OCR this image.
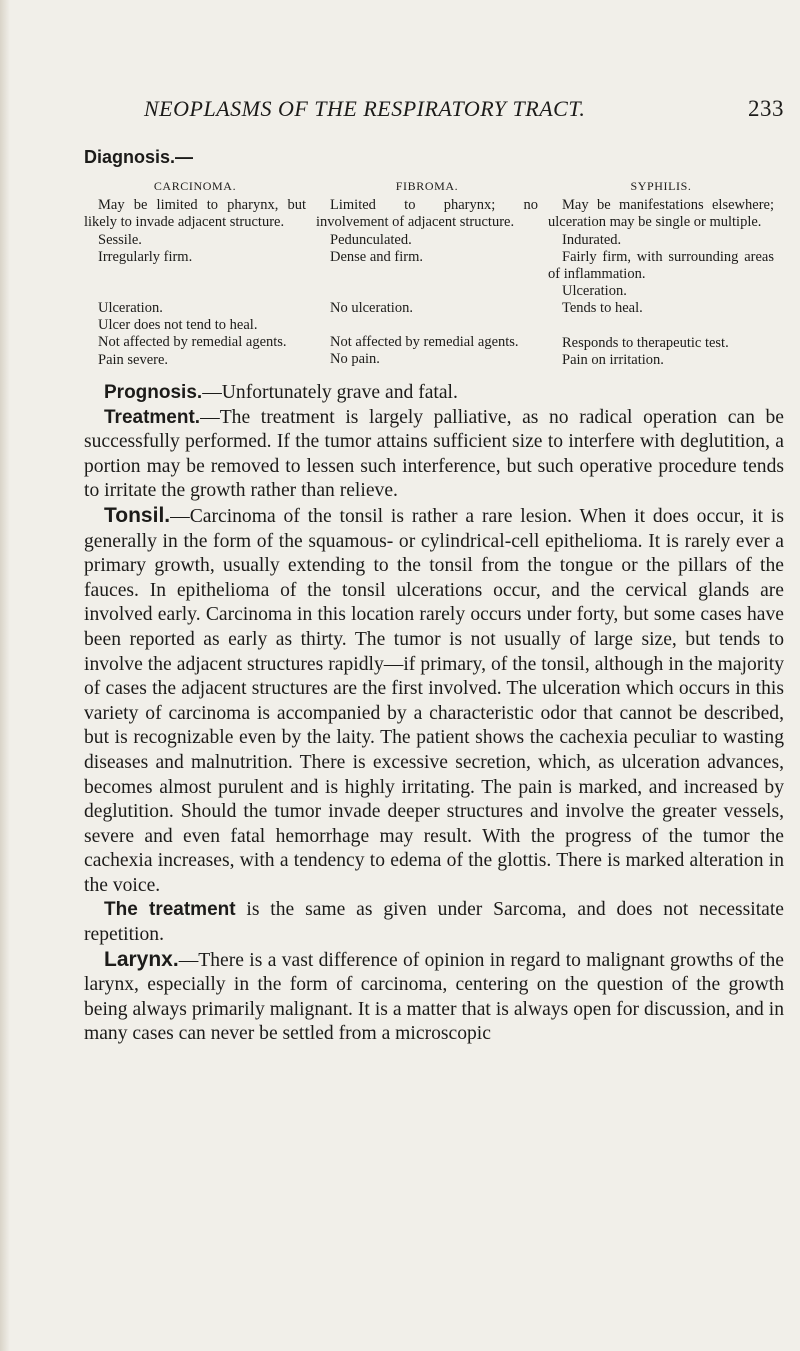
NEOPLASMS OF THE RESPIRATORY TRACT.	233
Diagnosis.—
CARCINOMA.

May be limited to pharynx, but likely to invade adjacent structure.

Sessile.

Irregularly firm.

Ulceration.

Ulcer does not tend to heal.

Not affected by remedial agents.

Pain severe.

FIBROMA.

Limited to pharynx; no involvement of adjacent structure.

Pedunculated.

Dense and firm.

No ulceration.

Not affected by remedial agents.

No pain.

SYPHILIS.

May be manifestations elsewhere; ulceration may be single or multiple.

Indurated.

Fairly firm, with surrounding areas of inflammation.

Ulceration.

Tends to heal.

Responds to therapeutic test.

Pain on irritation.

Prognosis.—Unfortunately grave and fatal.

Treatment.—The treatment is largely palliative, as no radical operation can be successfully performed. If the tumor attains sufficient size to interfere with deglutition, a portion may be removed to lessen such interference, but such operative procedure tends to irritate the growth rather than relieve.

Tonsil.—Carcinoma of the tonsil is rather a rare lesion. When it does occur, it is generally in the form of the squamous- or cylindrical-cell epithelioma. It is rarely ever a primary growth, usually extending to the tonsil from the tongue or the pillars of the fauces. In epithelioma of the tonsil ulcerations occur, and the cervical glands are involved early. Carcinoma in this location rarely occurs under forty, but some cases have been reported as early as thirty. The tumor is not usually of large size, but tends to involve the adjacent structures rapidly—if primary, of the tonsil, although in the majority of cases the adjacent structures are the first involved. The ulceration which occurs in this variety of carcinoma is accompanied by a characteristic odor that cannot be described, but is recognizable even by the laity. The patient shows the cachexia peculiar to wasting diseases and malnutrition. There is excessive secretion, which, as ulceration advances, becomes almost purulent and is highly irritating. The pain is marked, and increased by deglutition. Should the tumor invade deeper structures and involve the greater vessels, severe and even fatal hemorrhage may result. With the progress of the tumor the cachexia increases, with a tendency to edema of the glottis. There is marked alteration in the voice.

The treatment is the same as given under Sarcoma, and does not necessitate repetition.

Larynx.—There is a vast difference of opinion in regard to malignant growths of the larynx, especially in the form of carcinoma, centering on the question of the growth being always primarily malignant. It is a matter that is always open for discussion, and in many cases can never be settled from a microscopic
